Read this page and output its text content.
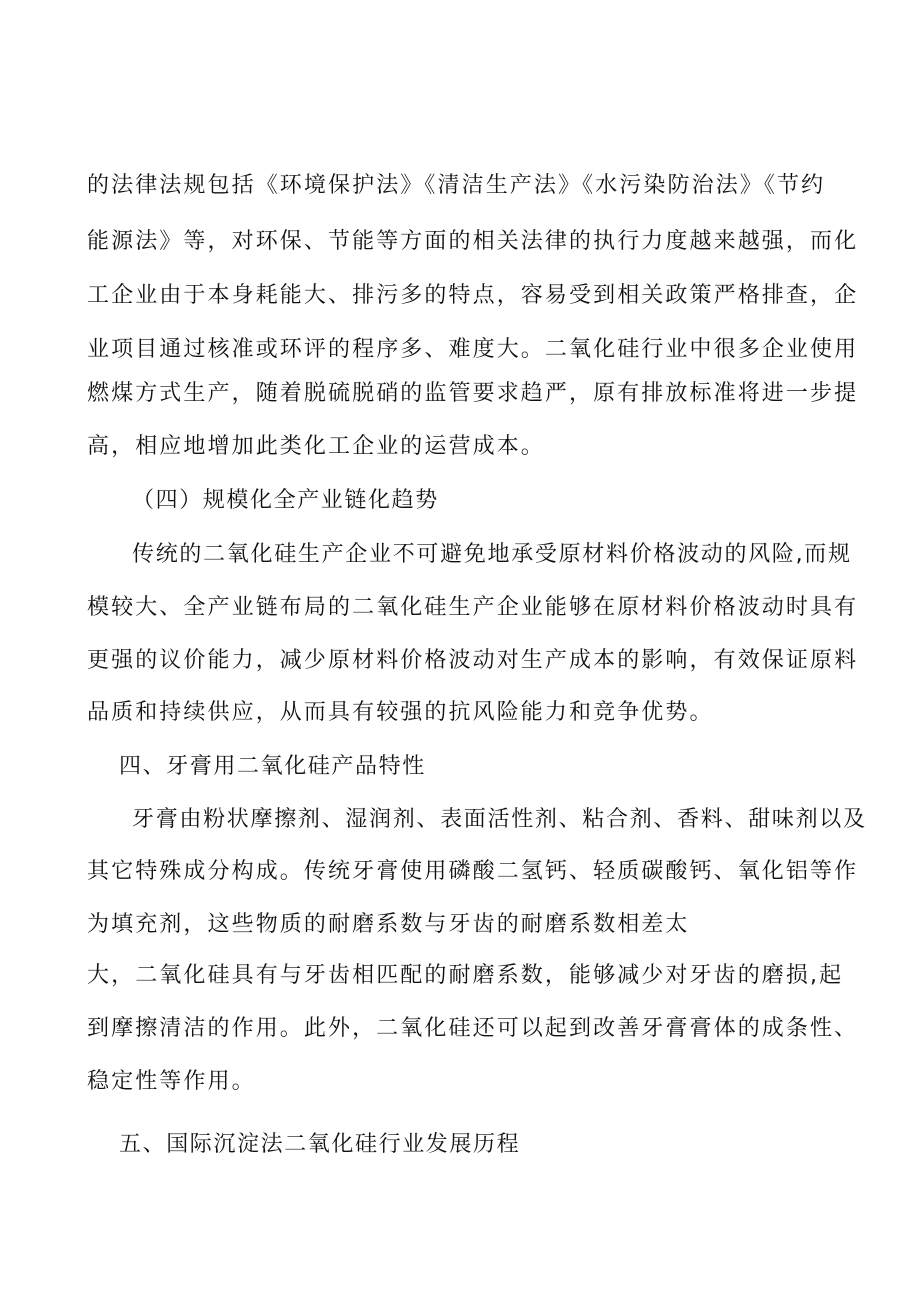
的法律法规包括《环境保护法》《清洁生产法》《水污染防治法》《节约
能源法》等，对环保、节能等方面的相关法律的执行力度越来越强，而化
工企业由于本身耗能大、排污多的特点，容易受到相关政策严格排查，企
业项目通过核准或环评的程序多、难度大。二氧化硅行业中很多企业使用
燃煤方式生产，随着脱硫脱硝的监管要求趋严，原有排放标准将进一步提
高，相应地增加此类化工企业的运营成本。
（四）规模化全产业链化趋势
传统的二氧化硅生产企业不可避免地承受原材料价格波动的风险,而规
模较大、全产业链布局的二氧化硅生产企业能够在原材料价格波动时具有
更强的议价能力，减少原材料价格波动对生产成本的影响，有效保证原料
品质和持续供应，从而具有较强的抗风险能力和竞争优势。
四、牙膏用二氧化硅产品特性
牙膏由粉状摩擦剂、湿润剂、表面活性剂、粘合剂、香料、甜味剂以及
其它特殊成分构成。传统牙膏使用磷酸二氢钙、轻质碳酸钙、氧化铝等作
为填充剂，这些物质的耐磨系数与牙齿的耐磨系数相差太
大，二氧化硅具有与牙齿相匹配的耐磨系数，能够减少对牙齿的磨损,起
到摩擦清洁的作用。此外，二氧化硅还可以起到改善牙膏膏体的成条性、
稳定性等作用。
五、国际沉淀法二氧化硅行业发展历程
